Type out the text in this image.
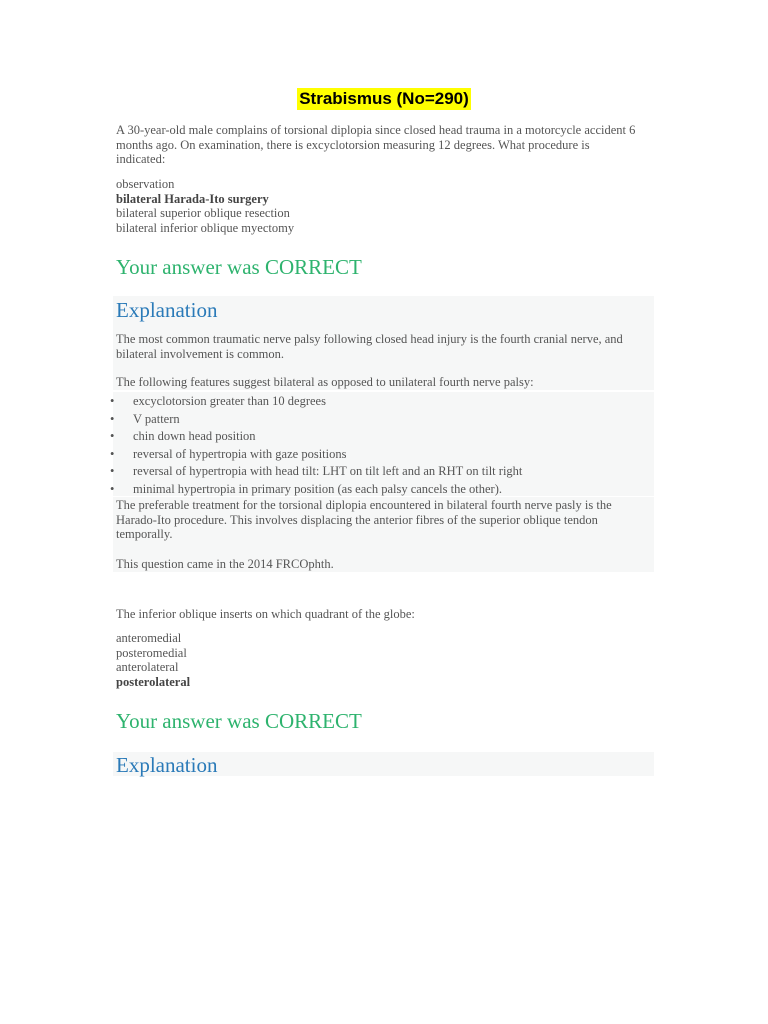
Strabismus (No=290)
A 30-year-old male complains of torsional diplopia since closed head trauma in a motorcycle accident 6 months ago. On examination, there is excyclotorsion measuring 12 degrees. What procedure is indicated:
observation
bilateral Harada-Ito surgery
bilateral superior oblique resection
bilateral inferior oblique myectomy
Your answer was CORRECT
Explanation
The most common traumatic nerve palsy following closed head injury is the fourth cranial nerve, and bilateral involvement is common.
The following features suggest bilateral as opposed to unilateral fourth nerve palsy:
• excyclotorsion greater than 10 degrees
• V pattern
• chin down head position
• reversal of hypertropia with gaze positions
• reversal of hypertropia with head tilt: LHT on tilt left and an RHT on tilt right
• minimal hypertropia in primary position (as each palsy cancels the other).
The preferable treatment for the torsional diplopia encountered in bilateral fourth nerve pasly is the Harado-Ito procedure. This involves displacing the anterior fibres of the superior oblique tendon temporally.
This question came in the 2014 FRCOphth.
The inferior oblique inserts on which quadrant of the globe:
anteromedial
posteromedial
anterolateral
posterolateral
Your answer was CORRECT
Explanation
